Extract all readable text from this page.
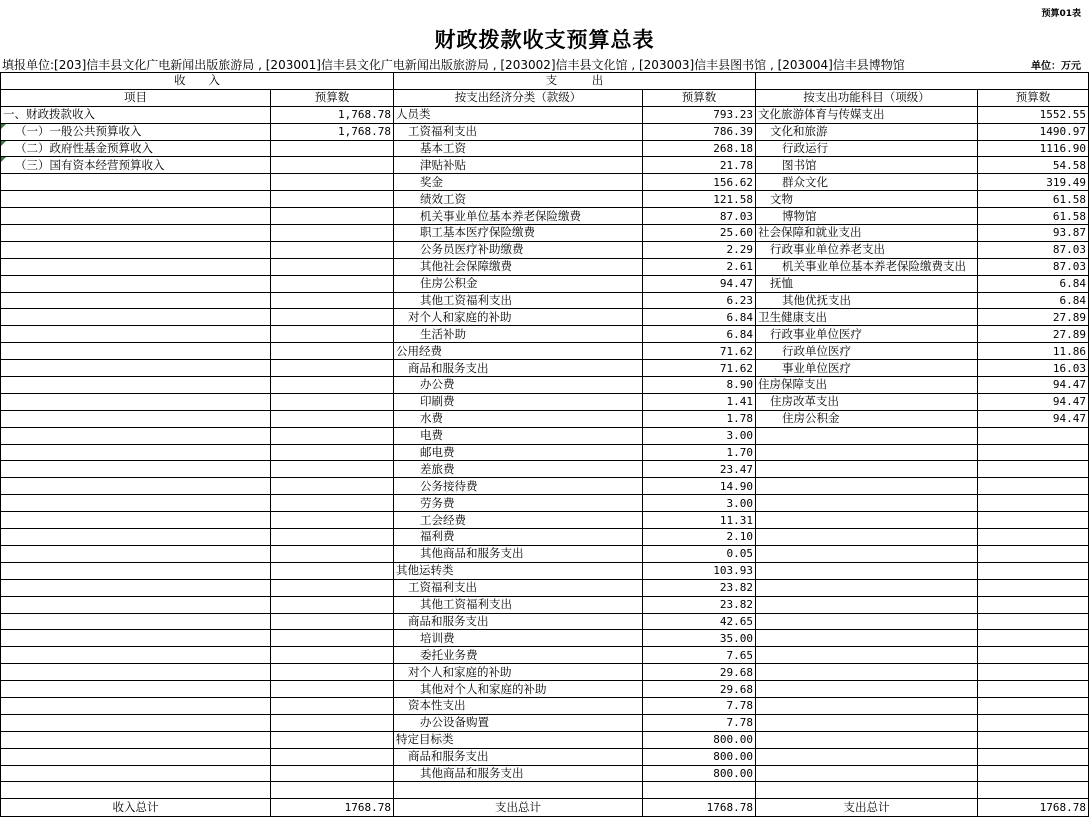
预算01表
财政拨款收支预算总表
填报单位:[203]信丰县文化广电新闻出版旅游局 , [203001]信丰县文化广电新闻出版旅游局 , [203002]信丰县文化馆 , [203003]信丰县图书馆 , [203004]信丰县博物馆	单位：万元
收　　入		支　　　出			
项目	预算数	按支出经济分类（款级）	预算数	按支出功能科目（项级）	预算数
一、财政拨款收入	1,768.78	人员类	793.23	文化旅游体育与传媒支出	1552.55
（一）一般公共预算收入	1,768.78	工资福利支出	786.39	文化和旅游	1490.97
（二）政府性基金预算收入		基本工资	268.18	行政运行	1116.90
（三）国有资本经营预算收入		津贴补贴	21.78	图书馆	54.58
		奖金	156.62	群众文化	319.49
		绩效工资	121.58	文物	61.58
		机关事业单位基本养老保险缴费	87.03	博物馆	61.58
		职工基本医疗保险缴费	25.60	社会保障和就业支出	93.87
		公务员医疗补助缴费	2.29	行政事业单位养老支出	87.03
		其他社会保障缴费	2.61	机关事业单位基本养老保险缴费支出	87.03
		住房公积金	94.47	抚恤	6.84
		其他工资福利支出	6.23	其他优抚支出	6.84
		对个人和家庭的补助	6.84	卫生健康支出	27.89
		生活补助	6.84	行政事业单位医疗	27.89
		公用经费	71.62	行政单位医疗	11.86
		商品和服务支出	71.62	事业单位医疗	16.03
		办公费	8.90	住房保障支出	94.47
		印刷费	1.41	住房改革支出	94.47
		水费	1.78	住房公积金	94.47
		电费	3.00		
		邮电费	1.70		
		差旅费	23.47		
		公务接待费	14.90		
		劳务费	3.00		
		工会经费	11.31		
		福利费	2.10		
		其他商品和服务支出	0.05		
		其他运转类	103.93		
		工资福利支出	23.82		
		其他工资福利支出	23.82		
		商品和服务支出	42.65		
		培训费	35.00		
		委托业务费	7.65		
		对个人和家庭的补助	29.68		
		其他对个人和家庭的补助	29.68		
		资本性支出	7.78		
		办公设备购置	7.78		
		特定目标类	800.00		
		商品和服务支出	800.00		
		其他商品和服务支出	800.00		

收入总计	1768.78	支出总计	1768.78	支出总计	1768.78
